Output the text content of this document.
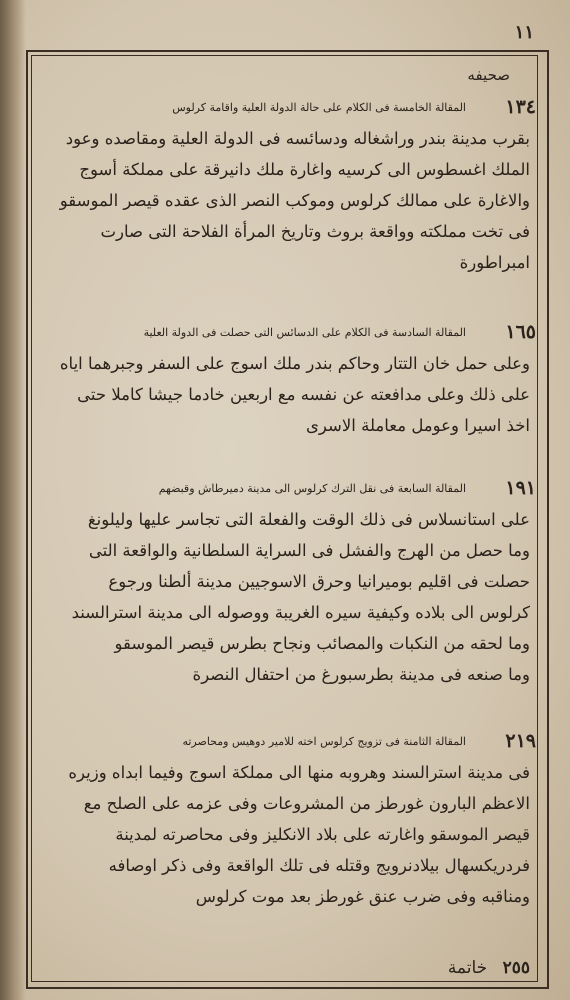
١١
صحيفه
١٣٤
المقالة الخامسة فى الكلام على حالة الدولة العلية واقامة كرلوس
بقرب مدينة بندر وراشغاله ودسائسه فى الدولة العلية ومقاصده وعود
الملك اغسطوس الى كرسيه واغارة ملك دانيرقة على مملكة أسوج
والاغارة على ممالك كرلوس وموكب النصر الذى عقده قيصر الموسقو
فى تخت مملكته وواقعة بروث وتاريخ المرأة الفلاحة التى صارت
امبراطورة
١٦٥
المقالة السادسة فى الكلام على الدسائس التى حصلت فى الدولة العلية
وعلى حمل خان التتار وحاكم بندر ملك اسوج على السفر وجبرهما اياه
على ذلك وعلى مدافعته عن نفسه مع اربعين خادما جيشا كاملا حتى
اخذ اسيرا وعومل معاملة الاسرى
١٩١
المقالة السابعة فى نقل الترك كرلوس الى مدينة دميرطاش وقبضهم
على استانسلاس فى ذلك الوقت والفعلة التى تجاسر عليها وليلونغ
وما حصل من الهرج والفشل فى السراية السلطانية والواقعة التى
حصلت فى اقليم بوميرانيا وحرق الاسوجيين مدينة ألطنا ورجوع
كرلوس الى بلاده وكيفية سيره الغريبة ووصوله الى مدينة استرالسند
وما لحقه من النكبات والمصائب ونجاح بطرس قيصر الموسقو
وما صنعه فى مدينة بطرسبورغ من احتفال النصرة
٢١٩
المقالة الثامنة فى تزويج كرلوس اخته للامير دوهيس ومحاصرته
فى مدينة استرالسند وهروبه منها الى مملكة اسوج وفيما ابداه وزيره
الاعظم البارون غورطز من المشروعات وفى عزمه على الصلح مع
قيصر الموسقو واغارته على بلاد الانكليز وفى محاصرته لمدينة
فردريكسهال بيلادنرويج وقتله فى تلك الواقعة وفى ذكر اوصافه
ومناقبه وفى ضرب عنق غورطز بعد موت كرلوس
٢٥٥ خاتمة
